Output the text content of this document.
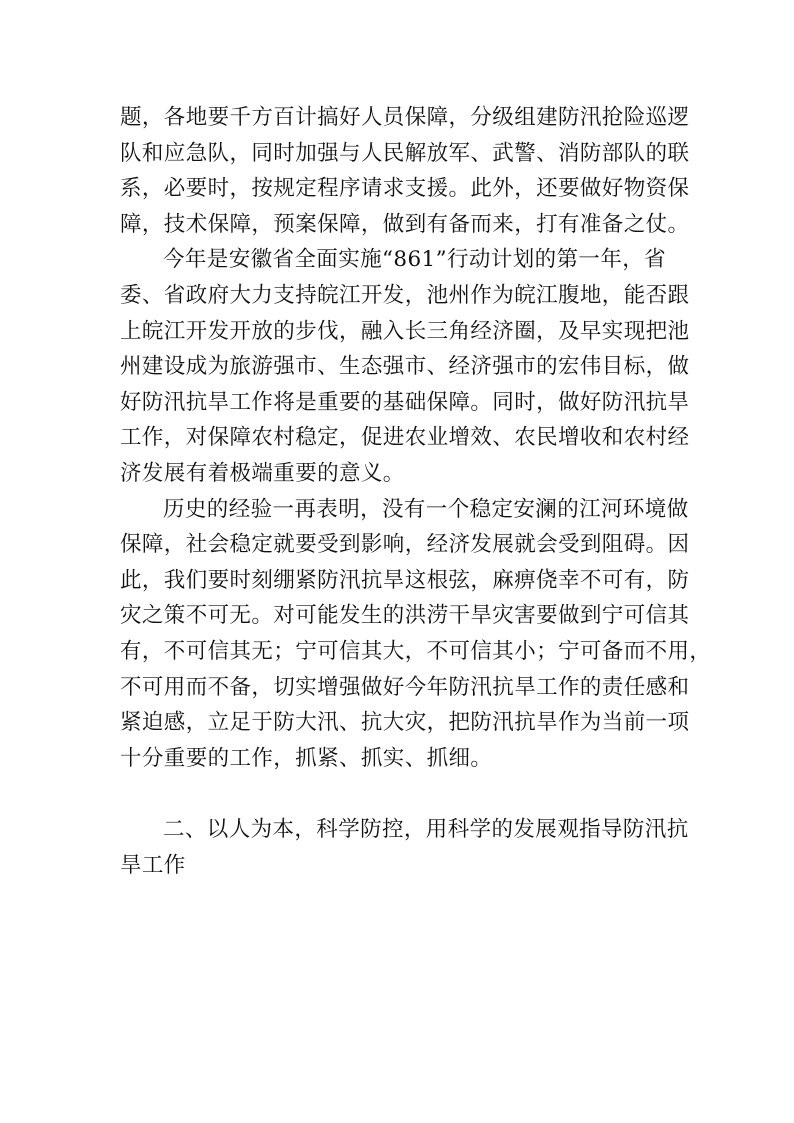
题，各地要千方百计搞好人员保障，分级组建防汛抢险巡逻
队和应急队，同时加强与人民解放军、武警、消防部队的联
系，必要时，按规定程序请求支援。此外，还要做好物资保
障，技术保障，预案保障，做到有备而来，打有准备之仗。

今年是安徽省全面实施“861”行动计划的第一年，省
委、省政府大力支持皖江开发，池州作为皖江腹地，能否跟
上皖江开发开放的步伐，融入长三角经济圈，及早实现把池
州建设成为旅游强市、生态强市、经济强市的宏伟目标，做
好防汛抗旱工作将是重要的基础保障。同时，做好防汛抗旱
工作，对保障农村稳定，促进农业增效、农民增收和农村经
济发展有着极端重要的意义。

历史的经验一再表明，没有一个稳定安澜的江河环境做
保障，社会稳定就要受到影响，经济发展就会受到阻碍。因
此，我们要时刻绷紧防汛抗旱这根弦，麻痹侥幸不可有，防
灾之策不可无。对可能发生的洪涝干旱灾害要做到宁可信其
有，不可信其无；宁可信其大，不可信其小；宁可备而不用，
不可用而不备，切实增强做好今年防汛抗旱工作的责任感和
紧迫感，立足于防大汛、抗大灾，把防汛抗旱作为当前一项
十分重要的工作，抓紧、抓实、抓细。

二、以人为本，科学防控，用科学的发展观指导防汛抗
旱工作
